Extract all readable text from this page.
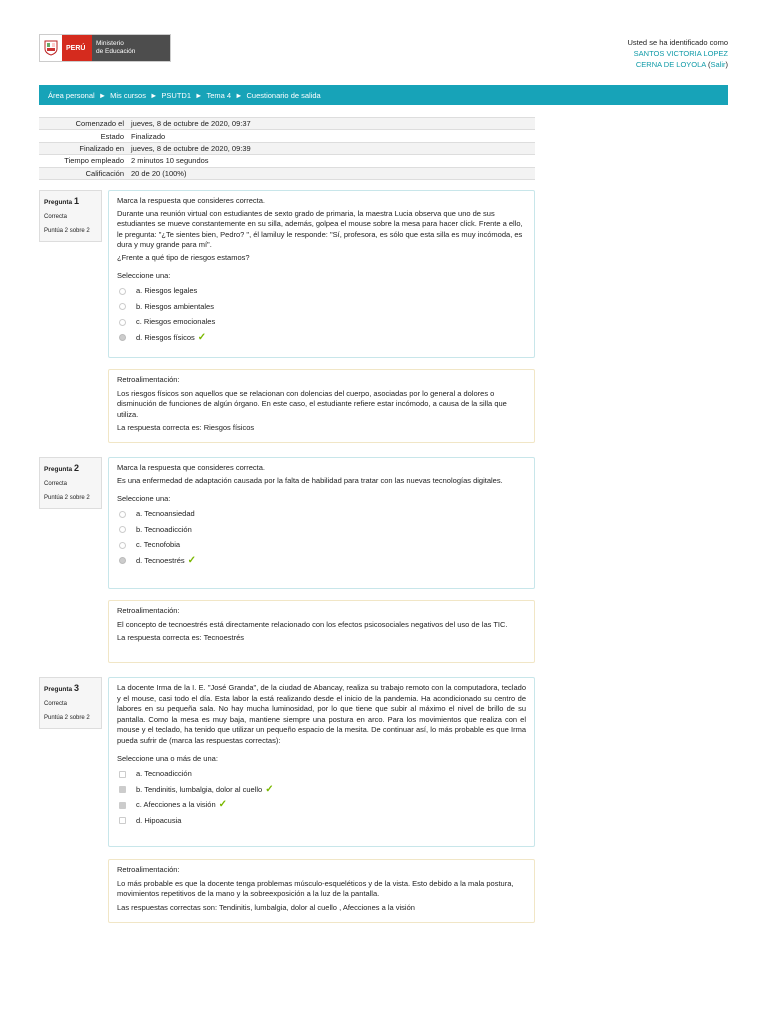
PERÚ
Ministerio
de Educación
Usted se ha identificado como
SANTOS VICTORIA LOPEZ
CERNA DE LOYOLA (Salir)
Área personal ► Mis cursos ► PSUTD1 ► Tema 4 ► Cuestionario de salida
Comenzado el jueves, 8 de octubre de 2020, 09:37
Estado Finalizado
Finalizado en jueves, 8 de octubre de 2020, 09:39
Tiempo empleado 2 minutos 10 segundos
Calificación 20 de 20 (100%)
Pregunta 1
Correcta
Puntúa 2 sobre 2

Marca la respuesta que consideres correcta.

Durante una reunión virtual con estudiantes de sexto grado de primaria, la maestra Lucia observa que uno de sus estudiantes se mueve constantemente en su silla, además, golpea el mouse sobre la mesa para hacer click. Frente a ello, le pregunta: "¿Te sientes bien, Pedro? ", él lamiluy le responde: "Sí, profesora, es sólo que esta silla es muy incómoda, es dura y muy grande para mí".

¿Frente a qué tipo de riesgos estamos?

Seleccione una:

a. Riesgos legales
b. Riesgos ambientales
c. Riesgos emocionales
d. Riesgos físicos ✓

Retroalimentación:

Los riesgos físicos son aquellos que se relacionan con dolencias del cuerpo, asociadas por lo general a dolores o disminución de funciones de algún órgano. En este caso, el estudiante refiere estar incómodo, a causa de la silla que utiliza.

La respuesta correcta es: Riesgos físicos

Pregunta 2
Correcta
Puntúa 2 sobre 2

Marca la respuesta que consideres correcta.

Es una enfermedad de adaptación causada por la falta de habilidad para tratar con las nuevas tecnologías digitales.

Seleccione una:

a. Tecnoansiedad
b. Tecnoadicción
c. Tecnofobia
d. Tecnoestrés ✓

Retroalimentación:

El concepto de tecnoestrés está directamente relacionado con los efectos psicosociales negativos del uso de las TIC.

La respuesta correcta es: Tecnoestrés

Pregunta 3
Correcta
Puntúa 2 sobre 2

La docente Irma de la I. E. "José Granda", de la ciudad de Abancay, realiza su trabajo remoto con la computadora, teclado y el mouse, casi todo el día. Esta labor la está realizando desde el inicio de la pandemia. Ha acondicionado su centro de labores en su pequeña sala. No hay mucha luminosidad, por lo que tiene que subir al máximo el nivel de brillo de su pantalla. Como la mesa es muy baja, mantiene siempre una postura en arco. Para los movimientos que realiza con el mouse y el teclado, ha tenido que utilizar un pequeño espacio de la mesita. De continuar así, lo más probable es que Irma pueda sufrir de (marca las respuestas correctas):

Seleccione una o más de una:

a. Tecnoadicción
b. Tendinitis, lumbalgia, dolor al cuello ✓
c. Afecciones a la visión ✓
d. Hipoacusia

Retroalimentación:

Lo más probable es que la docente tenga problemas músculo-esqueléticos y de la vista. Esto debido a la mala postura, movimientos repetitivos de la mano y la sobreexposición a la luz de la pantalla.

Las respuestas correctas son: Tendinitis, lumbalgia, dolor al cuello , Afecciones a la visión
